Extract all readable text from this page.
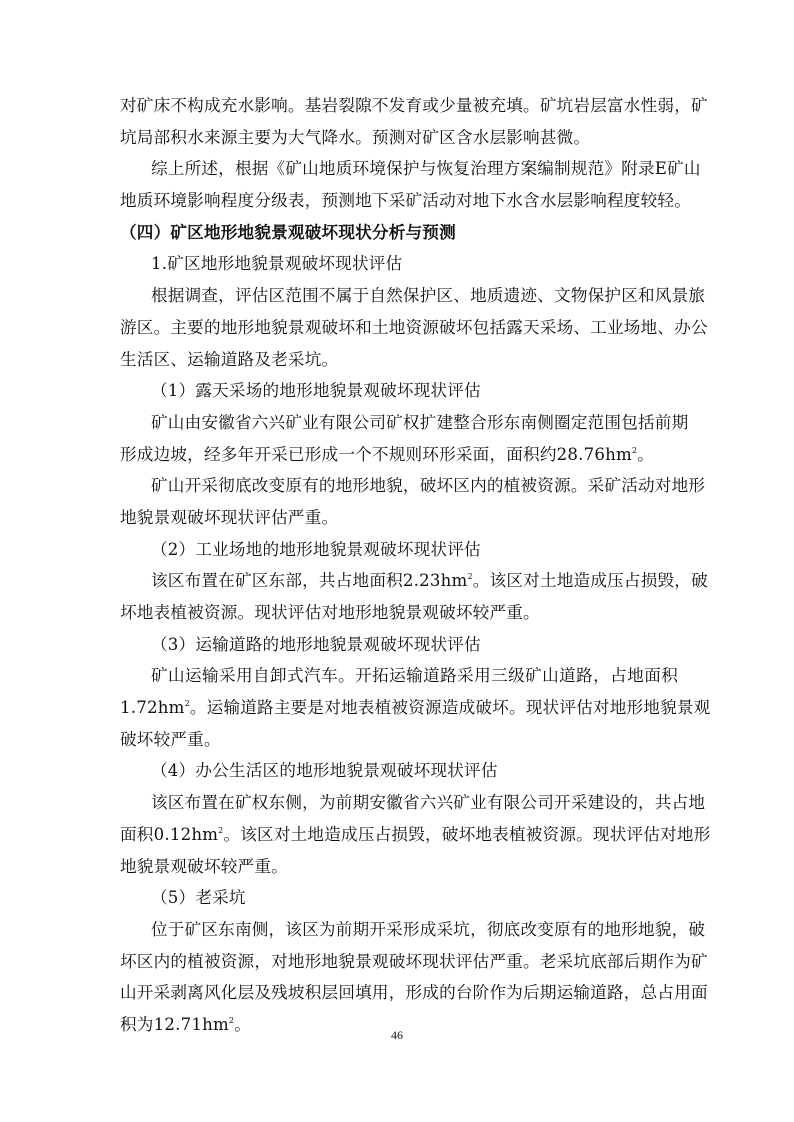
对矿床不构成充水影响。基岩裂隙不发育或少量被充填。矿坑岩层富水性弱，矿
坑局部积水来源主要为大气降水。预测对矿区含水层影响甚微。
综上所述，根据《矿山地质环境保护与恢复治理方案编制规范》附录E矿山
地质环境影响程度分级表，预测地下采矿活动对地下水含水层影响程度较轻。
（四）矿区地形地貌景观破坏现状分析与预测
1.矿区地形地貌景观破坏现状评估
根据调查，评估区范围不属于自然保护区、地质遗迹、文物保护区和风景旅
游区。主要的地形地貌景观破坏和土地资源破坏包括露天采场、工业场地、办公
生活区、运输道路及老采坑。
（1）露天采场的地形地貌景观破坏现状评估
矿山由安徽省六兴矿业有限公司矿权扩建整合形东南侧圈定范围包括前期
形成边坡，经多年开采已形成一个不规则环形采面，面积约$28.76hm^2$。
矿山开采彻底改变原有的地形地貌，破坏区内的植被资源。采矿活动对地形
地貌景观破坏现状评估严重。
（2）工业场地的地形地貌景观破坏现状评估
该区布置在矿区东部，共占地面积$2.23hm^2$。该区对土地造成压占损毁，破
坏地表植被资源。现状评估对地形地貌景观破坏较严重。
（3）运输道路的地形地貌景观破坏现状评估
矿山运输采用自卸式汽车。开拓运输道路采用三级矿山道路，占地面积
$1.72hm^2$。运输道路主要是对地表植被资源造成破坏。现状评估对地形地貌景观
破坏较严重。
（4）办公生活区的地形地貌景观破坏现状评估
该区布置在矿权东侧，为前期安徽省六兴矿业有限公司开采建设的，共占地
面积$0.12hm^2$。该区对土地造成压占损毁，破坏地表植被资源。现状评估对地形
地貌景观破坏较严重。
（5）老采坑
位于矿区东南侧，该区为前期开采形成采坑，彻底改变原有的地形地貌，破
坏区内的植被资源，对地形地貌景观破坏现状评估严重。老采坑底部后期作为矿
山开采剥离风化层及残坡积层回填用，形成的台阶作为后期运输道路，总占用面
积为$12.71hm^2$。
46
